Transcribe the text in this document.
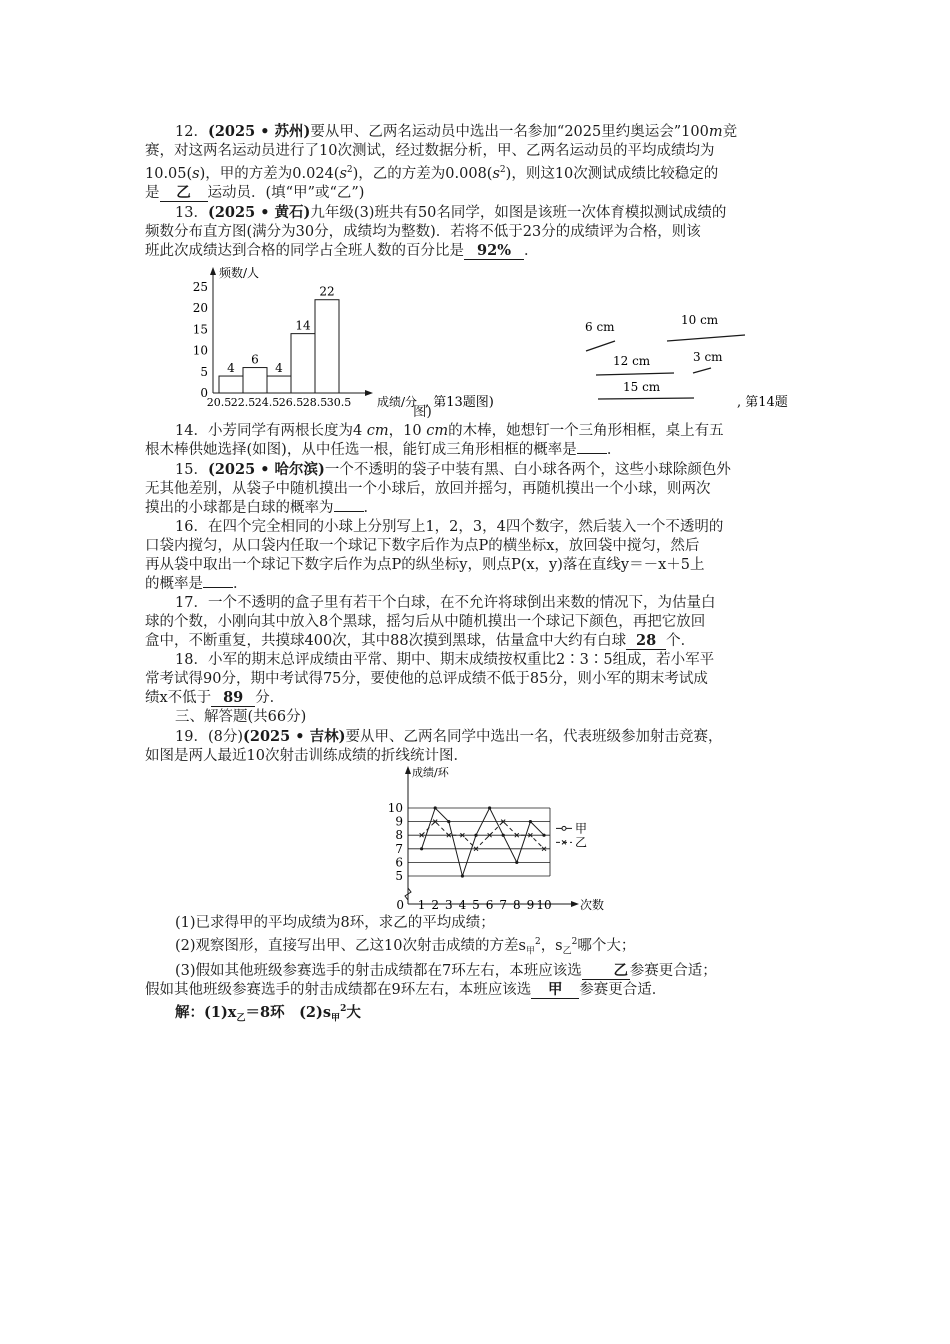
12．(2025 • 苏州)要从甲、乙两名运动员中选出一名参加“2025里约奥运会”100m竞

赛，对这两名运动员进行了10次测试，经过数据分析，甲、乙两名运动员的平均成绩均为

10.05(s)，甲的方差为$0.024(s^2)$，乙的方差为$0.008(s^2)$，则这10次测试成绩比较稳定的

是 乙 运动员．(填“甲”或“乙”)

13．(2025 • 黄石)九年级(3)班共有50名同学，如图是该班一次体育模拟测试成绩的

频数分布直方图(满分为30分，成绩均为整数)．若将不低于23分的成绩评为合格，则该

班此次成绩达到合格的同学占全班人数的百分比是 92% ．

频数/人
25
20
15
10
5
0
20.5 22.5 24.5 26.5 28.5 30.5
4
6
4
14
22
成绩/分 , 第13题图)
6 cm	10 cm
12 cm	3 cm
15 cm
, 第14题

图)

14．小芳同学有两根长度为4 cm，10 cm的木棒，她想钉一个三角形相框，桌上有五

根木棒供她选择(如图)，从中任选一根，能钉成三角形相框的概率是 ．

15．(2025 • 哈尔滨)一个不透明的袋子中装有黑、白小球各两个，这些小球除颜色外

无其他差别，从袋子中随机摸出一个小球后，放回并摇匀，再随机摸出一个小球，则两次

摸出的小球都是白球的概率为 ．

16．在四个完全相同的小球上分别写上1，2，3，4四个数字，然后装入一个不透明的

口袋内搅匀，从口袋内任取一个球记下数字后作为点P的横坐标x，放回袋中搅匀，然后

再从袋中取出一个球记下数字后作为点P的纵坐标y，则点P(x，y)落在直线y＝－x＋5上

的概率是 ．

17．一个不透明的盒子里有若干个白球，在不允许将球倒出来数的情况下，为估量白

球的个数，小刚向其中放入8个黑球，摇匀后从中随机摸出一个球记下颜色，再把它放回

盒中，不断重复，共摸球400次，其中88次摸到黑球，估量盒中大约有白球 28 个．

18．小军的期末总评成绩由平常、期中、期末成绩按权重比2∶3∶5组成，若小军平

常考试得90分，期中考试得75分，要使他的总评成绩不低于85分，则小军的期末考试成

绩x不低于 89 分．

三、解答题(共66分)

19．(8分)(2025 • 吉林)要从甲、乙两名同学中选出一名，代表班级参加射击竞赛，

如图是两人最近10次射击训练成绩的折线统计图．

成绩/环
次数
10
9
8
7
6
5
0 1 2 3 4 5 6 7 8 9 10
甲
乙

(1)已求得甲的平均成绩为8环，求乙的平均成绩；

(2)观察图形，直接写出甲、乙这10次射击成绩的方差$s_甲^2$，$s_乙^2$哪个大；

(3)假如其他班级参赛选手的射击成绩都在7环左右，本班应该选 乙 参赛更合适；

假如其他班级参赛选手的射击成绩都在9环左右，本班应该选 甲 参赛更合适．

解：$(1)x_乙=8$环　$(2)s_甲^2$大
